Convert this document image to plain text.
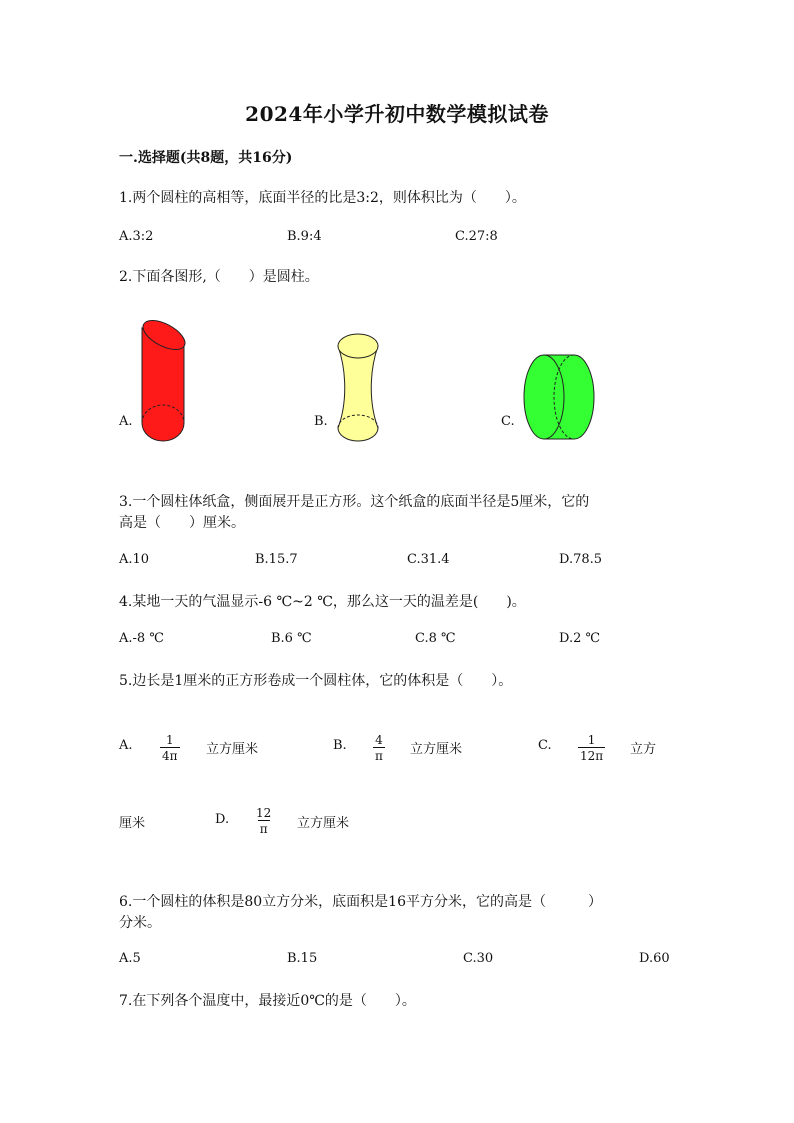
2024年小学升初中数学模拟试卷
一.选择题(共8题，共16分)
1.两个圆柱的高相等，底面半径的比是3:2，则体积比为（　　）。
A.3:2	B.9:4	C.27:8
2.下面各图形,（　　）是圆柱。
A.	B.	C.
3.一个圆柱体纸盒，侧面展开是正方形。这个纸盒的底面半径是5厘米，它的
高是（　　）厘米。
A.10	B.15.7	C.31.4	D.78.5
4.某地一天的气温显示-6 ℃~2 ℃，那么这一天的温差是(　　)。
A.-8 ℃	B.6 ℃	C.8 ℃	D.2 ℃
5.边长是1厘米的正方形卷成一个圆柱体，它的体积是（　　）。
A. $\frac{1}{4\pi}$ 立方厘米	B. $\frac{4}{\pi}$ 立方厘米	C. $\frac{1}{12\pi}$ 立方
厘米	D. $\frac{12}{\pi}$ 立方厘米
6.一个圆柱的体积是80立方分米，底面积是16平方分米，它的高是（　　　）
分米。
A.5	B.15	C.30	D.60
7.在下列各个温度中，最接近0℃的是（　　）。
